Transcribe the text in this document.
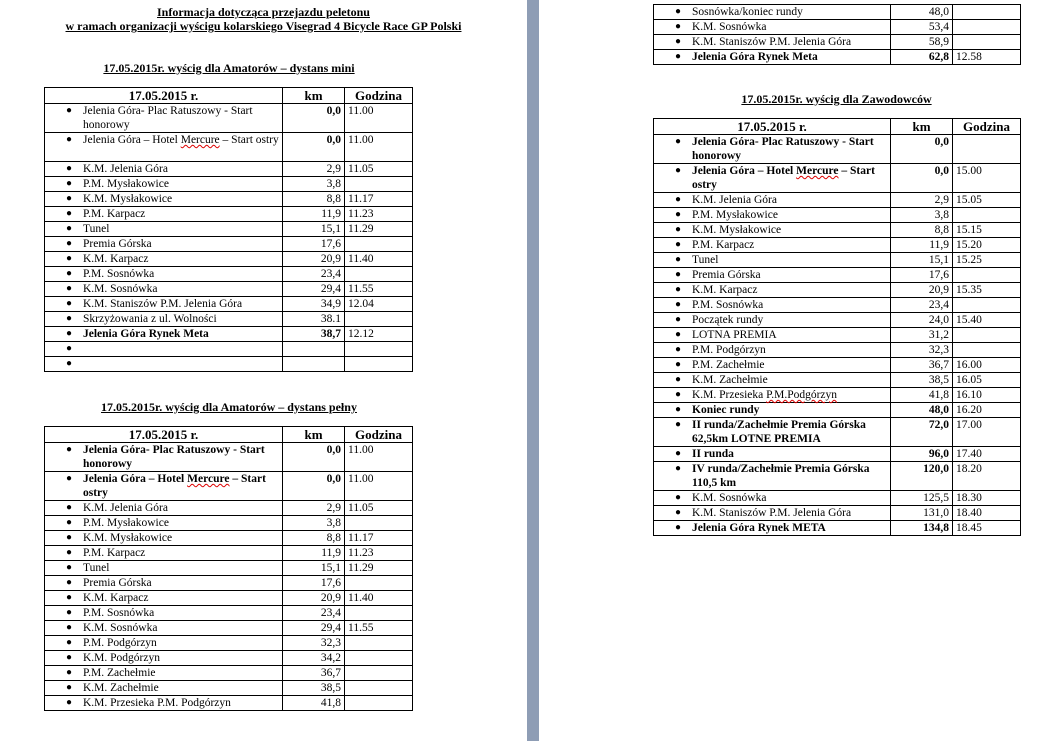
Informacja dotycząca przejazdu peletonu
w ramach organizacji wyścigu kolarskiego Visegrad 4 Bicycle Race GP Polski
17.05.2015r. wyścig dla Amatorów – dystans mini
17.05.2015 r.	km	Godzina

● Jelenia Góra- Plac Ratuszowy - Start honorowy	0,0	11.00

● Jelenia Góra – Hotel Mercure – Start ostry	0,0	11.00

● K.M. Jelenia Góra	2,9	11.05

● P.M. Mysłakowice	3,8	

● K.M. Mysłakowice	8,8	11.17

● P.M. Karpacz	11,9	11.23

● Tunel	15,1	11.29

● Premia Górska	17,6	

● K.M. Karpacz	20,9	11.40

● P.M. Sosnówka	23,4	

● K.M. Sosnówka	29,4	11.55

● K.M. Staniszów P.M. Jelenia Góra	34,9	12.04

● Skrzyżowania z ul. Wolności	38.1	

● Jelenia Góra Rynek Meta	38,7	12.12

●		

●		

17.05.2015r. wyścig dla Amatorów – dystans pełny
17.05.2015 r.	km	Godzina

● Jelenia Góra- Plac Ratuszowy - Start honorowy	0,0	11.00

● Jelenia Góra – Hotel Mercure – Start ostry	0,0	11.00

● K.M. Jelenia Góra	2,9	11.05

● P.M. Mysłakowice	3,8	

● K.M. Mysłakowice	8,8	11.17

● P.M. Karpacz	11,9	11.23

● Tunel	15,1	11.29

● Premia Górska	17,6	

● K.M. Karpacz	20,9	11.40

● P.M. Sosnówka	23,4	

● K.M. Sosnówka	29,4	11.55

● P.M. Podgórzyn	32,3	

● K.M. Podgórzyn	34,2	

● P.M. Zachełmie	36,7	

● K.M. Zachełmie	38,5	

● K.M. Przesieka P.M. Podgórzyn	41,8	
● Sosnówka/koniec rundy	48,0	

● K.M. Sosnówka	53,4	

● K.M. Staniszów P.M. Jelenia Góra	58,9	

● Jelenia Góra Rynek Meta	62,8	12.58
17.05.2015r. wyścig dla Zawodowców
17.05.2015 r.	km	Godzina

● Jelenia Góra- Plac Ratuszowy - Start honorowy	0,0	

● Jelenia Góra – Hotel Mercure – Start ostry	0,0	15.00

● K.M. Jelenia Góra	2,9	15.05

● P.M. Mysłakowice	3,8	

● K.M. Mysłakowice	8,8	15.15

● P.M. Karpacz	11,9	15.20

● Tunel	15,1	15.25

● Premia Górska	17,6	

● K.M. Karpacz	20,9	15.35

● P.M. Sosnówka	23,4	

● Początek rundy	24,0	15.40

● LOTNA PREMIA	31,2	

● P.M. Podgórzyn	32,3	

● P.M. Zachełmie	36,7	16.00

● K.M. Zachełmie	38,5	16.05

● K.M. Przesieka P.M.Podgórzyn	41,8	16.10

● Koniec rundy	48,0	16.20

● II runda/Zachełmie Premia Górska 62,5km LOTNE PREMIA	72,0	17.00

● II runda	96,0	17.40

● IV runda/Zachełmie Premia Górska 110,5 km	120,0	18.20

● K.M. Sosnówka	125,5	18.30

● K.M. Staniszów P.M. Jelenia Góra	131,0	18.40

● Jelenia Góra Rynek META	134,8	18.45
